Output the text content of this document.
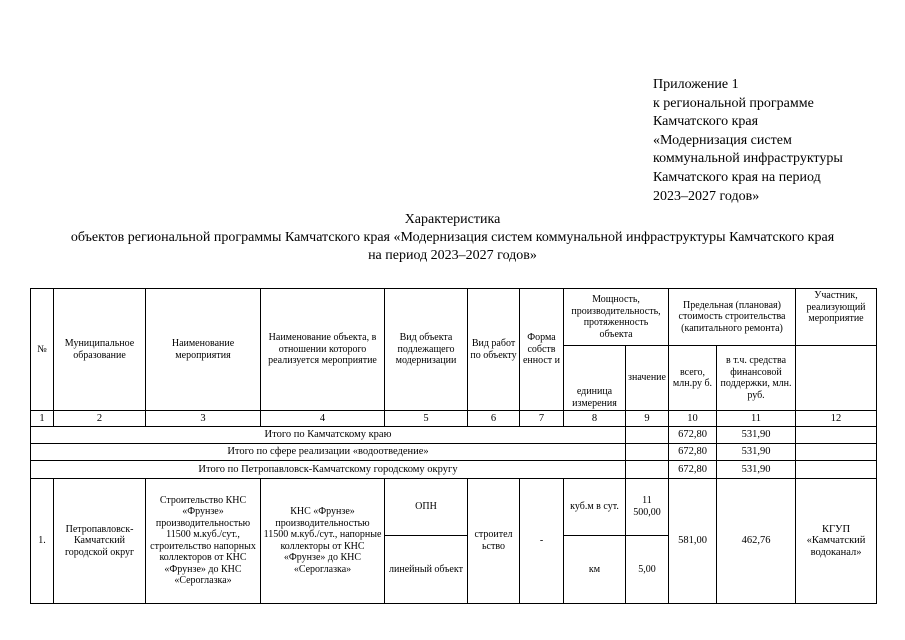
Приложение 1
к региональной программе
Камчатского края
«Модернизация систем
коммунальной инфраструктуры
Камчатского края на период
2023–2027 годов»
Характеристика
объектов региональной программы Камчатского края «Модернизация систем коммунальной инфраструктуры Камчатского края
на период 2023–2027 годов»
№	Муниципальное образование	Наименование мероприятия	Наименование объекта, в отношении которого реализуется мероприятие	Вид объекта подлежащего модернизации	Вид работ по объекту	Форма собств енност и	Мощность, производительность, протяженность объекта		Предельная (плановая) стоимость строительства (капитального ремонта)		Участник, реализующий мероприятие
							единица измерения	значение	всего, млн.ру б.	в т.ч. средства финансовой поддержки, млн. руб.	
1	2	3	4	5	6	7	8	9	10	11	12
Итого по Камчатскому краю									672,80	531,90	
Итого по сфере реализации «водоотведение»									672,80	531,90	
Итого по Петропавловск-Камчатскому городскому округу									672,80	531,90	
1.	Петропавловск-Камчатский городской округ	Строительство КНС «Фрунзе» производительностью 11500 м.куб./сут., строительство напорных коллекторов от КНС «Фрунзе» до КНС «Сероглазка»	КНС «Фрунзе» производительностью 11500 м.куб./сут., напорные коллекторы от КНС «Фрунзе» до КНС «Сероглазка»	ОПН	строител ьство	-	куб.м в сут.	11 500,00	581,00	462,76	КГУП «Камчатский водоканал»
				линейный объект			км	5,00			
